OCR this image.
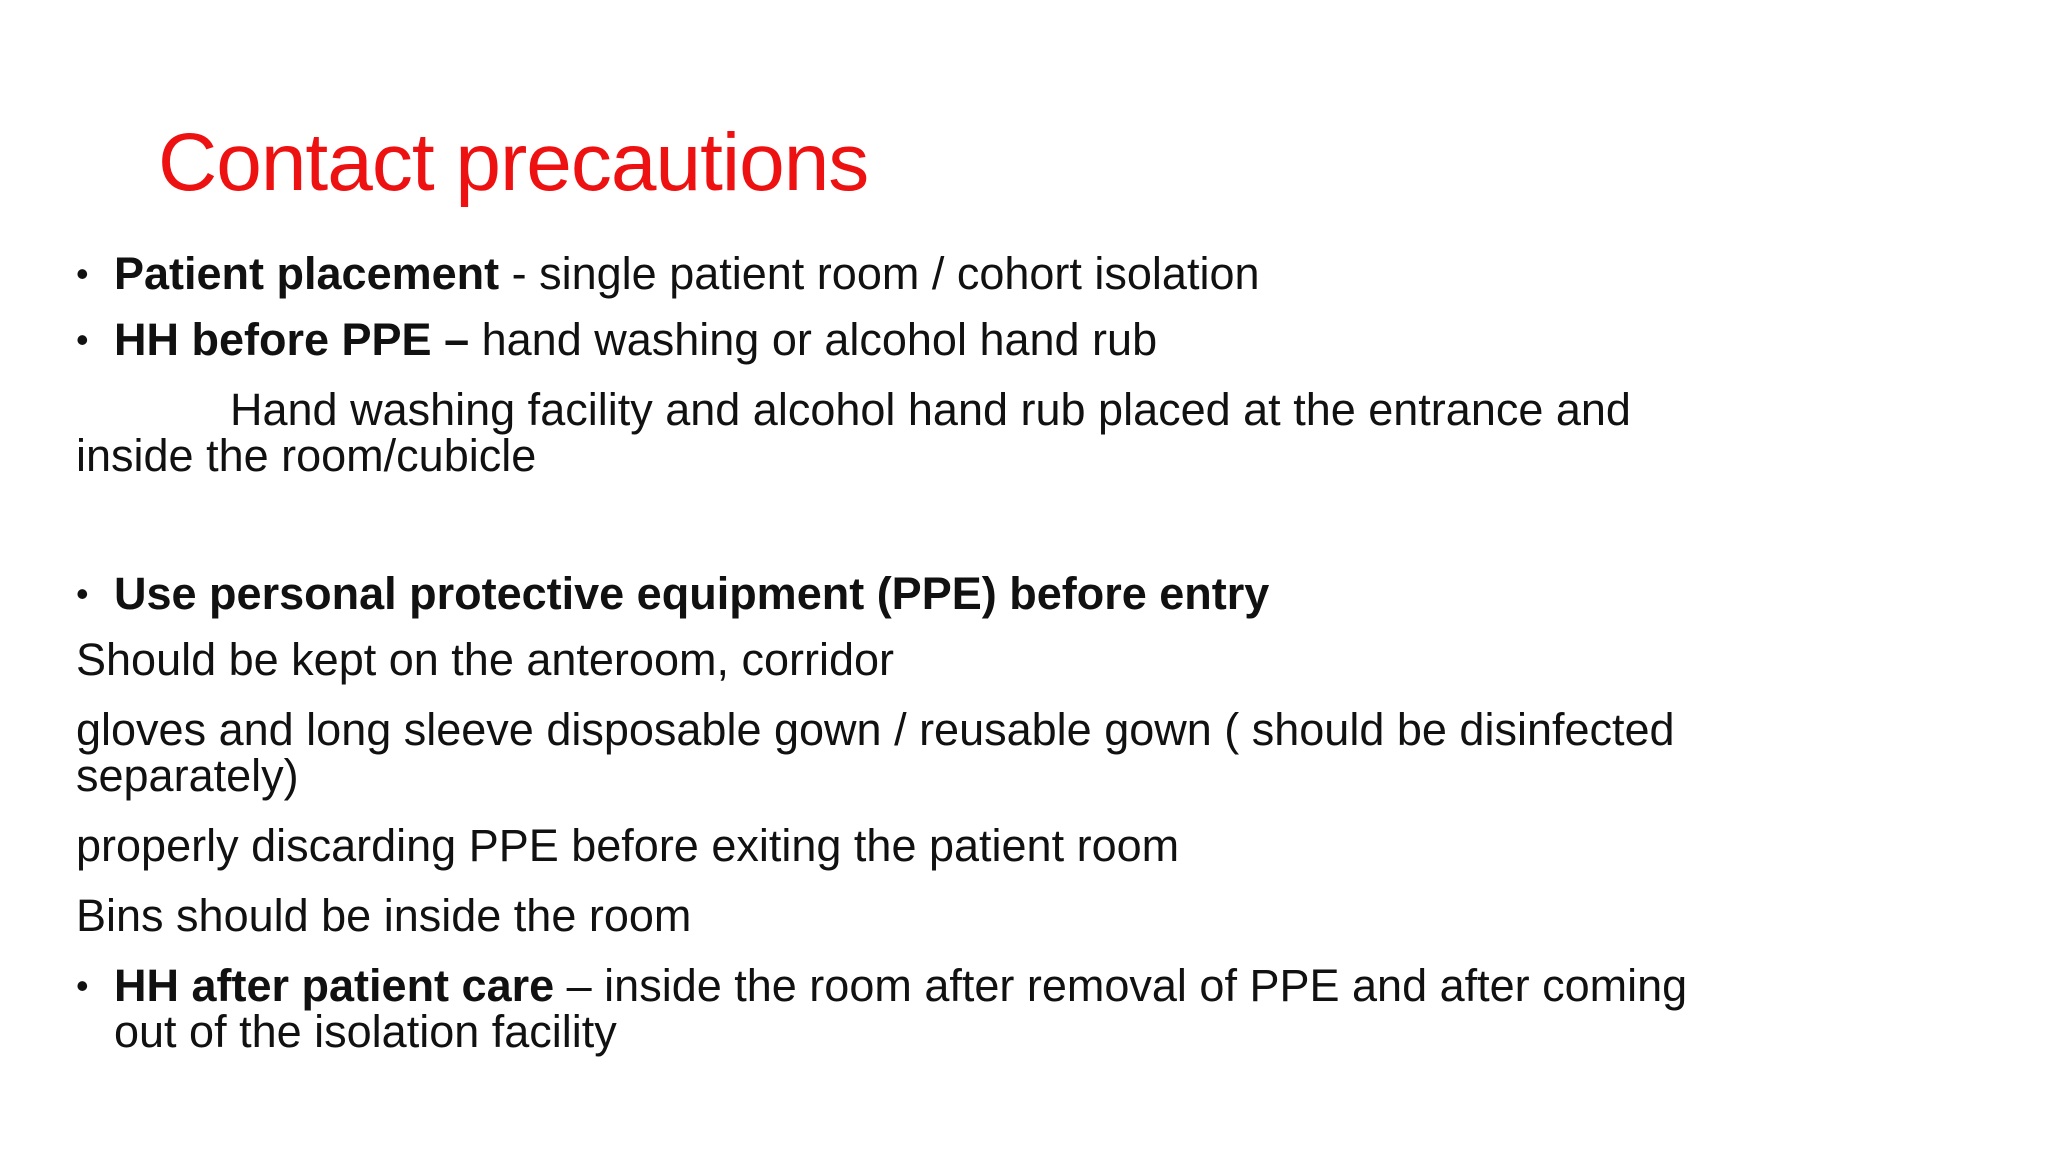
Contact precautions
• Patient placement - single patient room / cohort isolation
• HH before PPE – hand washing or alcohol hand rub
Hand washing facility and alcohol hand rub placed at the entrance and
inside the room/cubicle
• Use personal protective equipment (PPE) before entry
Should be kept on the anteroom, corridor
gloves and long sleeve disposable gown / reusable gown ( should be disinfected
separately)
properly discarding PPE before exiting the patient room
Bins should be inside the room
• HH after patient care – inside the room after removal of PPE and after coming
out of the isolation facility
